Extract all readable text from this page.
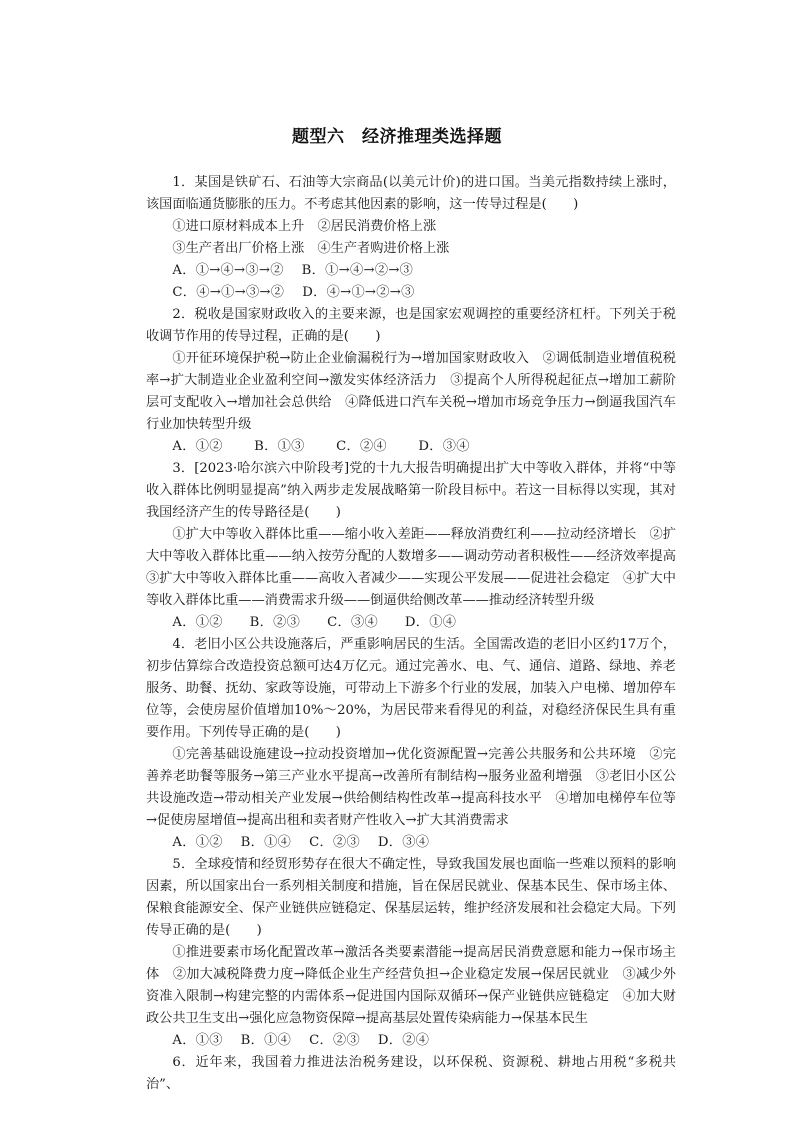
题型六　经济推理类选择题

1．某国是铁矿石、石油等大宗商品(以美元计价)的进口国。当美元指数持续上涨时，该国面临通货膨胀的压力。不考虑其他因素的影响，这一传导过程是(　　)

①进口原材料成本上升　②居民消费价格上涨

③生产者出厂价格上涨　④生产者购进价格上涨

A．①→④→③→②　 B．①→④→②→③

C．④→①→③→②　 D．④→①→②→③

2．税收是国家财政收入的主要来源，也是国家宏观调控的重要经济杠杆。下列关于税收调节作用的传导过程，正确的是(　　)

①开征环境保护税→防止企业偷漏税行为→增加国家财政收入　②调低制造业增值税税率→扩大制造业企业盈利空间→激发实体经济活力　③提高个人所得税起征点→增加工薪阶层可支配收入→增加社会总供给　④降低进口汽车关税→增加市场竞争压力→倒逼我国汽车行业加快转型升级

A．①②　　 B．①③　　 C．②④　　 D．③④

3．[2023·哈尔滨六中阶段考]党的十九大报告明确提出扩大中等收入群体，并将“中等收入群体比例明显提高”纳入两步走发展战略第一阶段目标中。若这一目标得以实现，其对我国经济产生的传导路径是(　　)

①扩大中等收入群体比重——缩小收入差距——释放消费红利——拉动经济增长　②扩大中等收入群体比重——纳入按劳分配的人数增多——调动劳动者积极性——经济效率提高　③扩大中等收入群体比重——高收入者减少——实现公平发展——促进社会稳定　④扩大中等收入群体比重——消费需求升级——倒逼供给侧改革——推动经济转型升级

A．①②　　B．②③　　C．③④　　D．①④

4．老旧小区公共设施落后，严重影响居民的生活。全国需改造的老旧小区约17万个，初步估算综合改造投资总额可达4万亿元。通过完善水、电、气、通信、道路、绿地、养老服务、助餐、抚幼、家政等设施，可带动上下游多个行业的发展，加装入户电梯、增加停车位等，会使房屋价值增加10%～20%，为居民带来看得见的利益，对稳经济保民生具有重要作用。下列传导正确的是(　　)

①完善基础设施建设→拉动投资增加→优化资源配置→完善公共服务和公共环境　②完善养老助餐等服务→第三产业水平提高→改善所有制结构→服务业盈利增强　③老旧小区公共设施改造→带动相关产业发展→供给侧结构性改革→提高科技水平　④增加电梯停车位等→促使房屋增值→提高出租和卖者财产性收入→扩大其消费需求

A．①②　 B．①④　 C．②③　 D．③④

5．全球疫情和经贸形势存在很大不确定性，导致我国发展也面临一些难以预料的影响因素，所以国家出台一系列相关制度和措施，旨在保居民就业、保基本民生、保市场主体、保粮食能源安全、保产业链供应链稳定、保基层运转，维护经济发展和社会稳定大局。下列传导正确的是(　　)

①推进要素市场化配置改革→激活各类要素潜能→提高居民消费意愿和能力→保市场主体　②加大减税降费力度→降低企业生产经营负担→企业稳定发展→保居民就业　③减少外资准入限制→构建完整的内需体系→促进国内国际双循环→保产业链供应链稳定　④加大财政公共卫生支出→强化应急物资保障→提高基层处置传染病能力→保基本民生

A．①③　 B．①④　 C．②③　 D．②④

6．近年来，我国着力推进法治税务建设，以环保税、资源税、耕地占用税“多税共治”、
